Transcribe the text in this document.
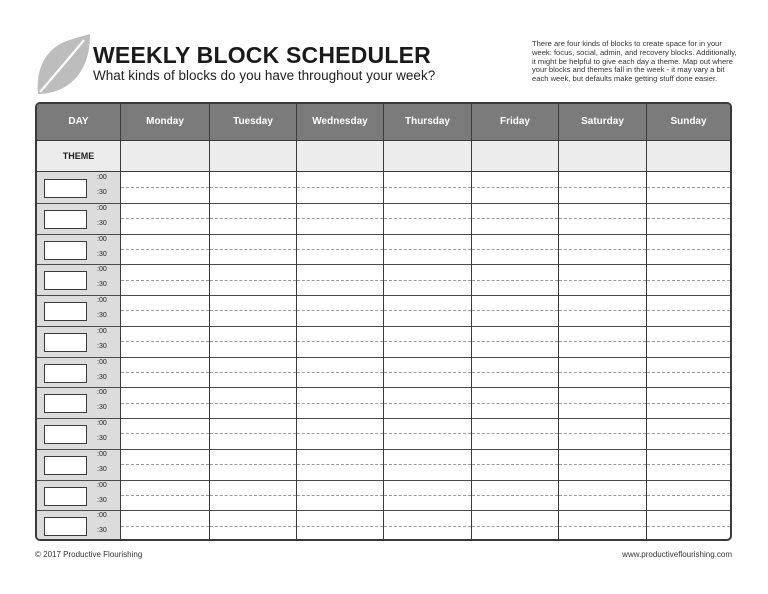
WEEKLY BLOCK SCHEDULER
What kinds of blocks do you have throughout your week?
There are four kinds of blocks to create space for in your
week: focus, social, admin, and recovery blocks. Additionally,
it might be helpful to give each day a theme. Map out where
your blocks and themes fall in the week - it may vary a bit
each week, but defaults make getting stuff done easier.
DAY	Monday	Tuesday	Wednesday	Thursday	Friday	Saturday	Sunday
THEME
:00
:30
:00
:30
:00
:30
:00
:30
:00
:30
:00
:30
:00
:30
:00
:30
:00
:30
:00
:30
:00
:30
:00
:30
© 2017 Productive Flourishing	www.productiveflourishing.com
